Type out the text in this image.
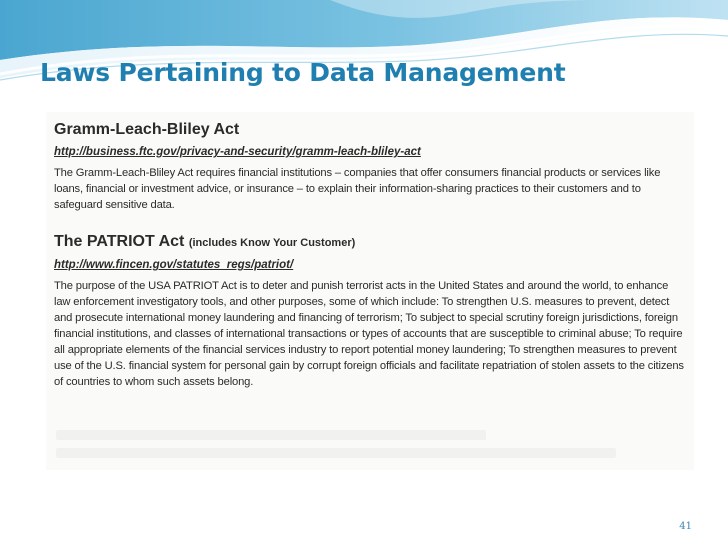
Laws Pertaining to Data Management
Gramm-Leach-Bliley Act
http://business.ftc.gov/privacy-and-security/gramm-leach-bliley-act
The Gramm-Leach-Bliley Act requires financial institutions – companies that offer consumers financial products or services like loans, financial or investment advice, or insurance – to explain their information-sharing practices to their customers and to safeguard sensitive data.
The PATRIOT Act (includes Know Your Customer)
http://www.fincen.gov/statutes_regs/patriot/
The purpose of the USA PATRIOT Act is to deter and punish terrorist acts in the United States and around the world, to enhance law enforcement investigatory tools, and other purposes, some of which include: To strengthen U.S. measures to prevent, detect and prosecute international money laundering and financing of terrorism; To subject to special scrutiny foreign jurisdictions, foreign financial institutions, and classes of international transactions or types of accounts that are susceptible to criminal abuse; To require all appropriate elements of the financial services industry to report potential money laundering; To strengthen measures to prevent use of the U.S. financial system for personal gain by corrupt foreign officials and facilitate repatriation of stolen assets to the citizens of countries to whom such assets belong.
41
